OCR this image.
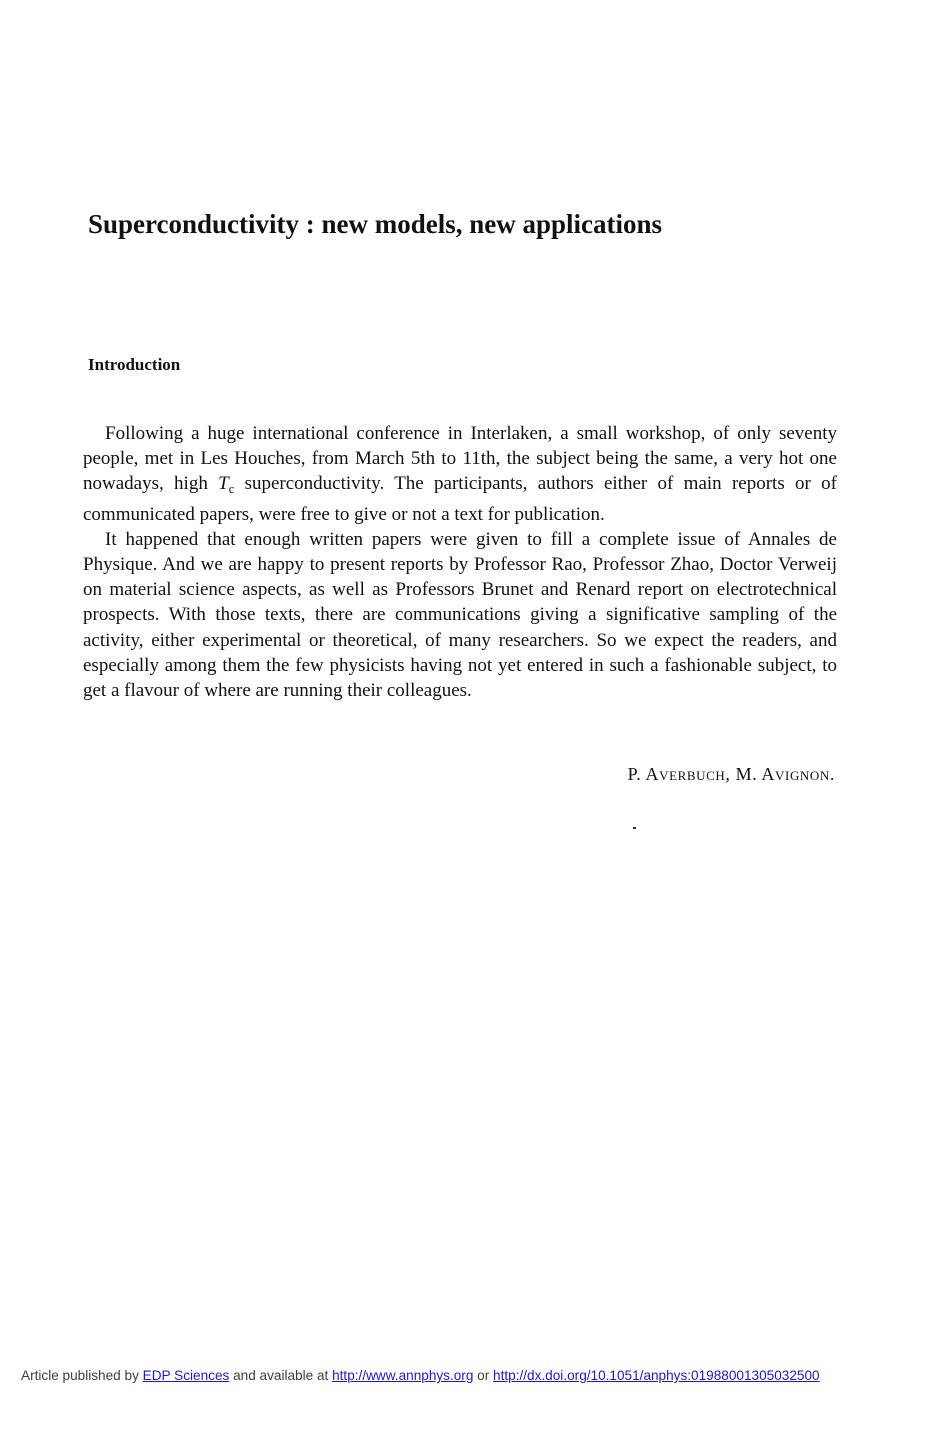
Superconductivity : new models, new applications
Introduction

Following a huge international conference in Interlaken, a small workshop, of only seventy people, met in Les Houches, from March 5th to 11th, the subject being the same, a very hot one nowadays, high $T_c$ superconductivity. The participants, authors either of main reports or of communicated papers, were free to give or not a text for publication.

It happened that enough written papers were given to fill a complete issue of Annales de Physique. And we are happy to present reports by Professor Rao, Professor Zhao, Doctor Verweij on material science aspects, as well as Professors Brunet and Renard report on electrotechnical prospects. With those texts, there are communications giving a significative sampling of the activity, either experimental or theoretical, of many researchers. So we expect the readers, and especially among them the few physicists having not yet entered in such a fashionable subject, to get a flavour of where are running their colleagues.

P. Averbuch, M. Avignon.

Article published by EDP Sciences and available at http://www.annphys.org or http://dx.doi.org/10.1051/anphys:01988001305032500
